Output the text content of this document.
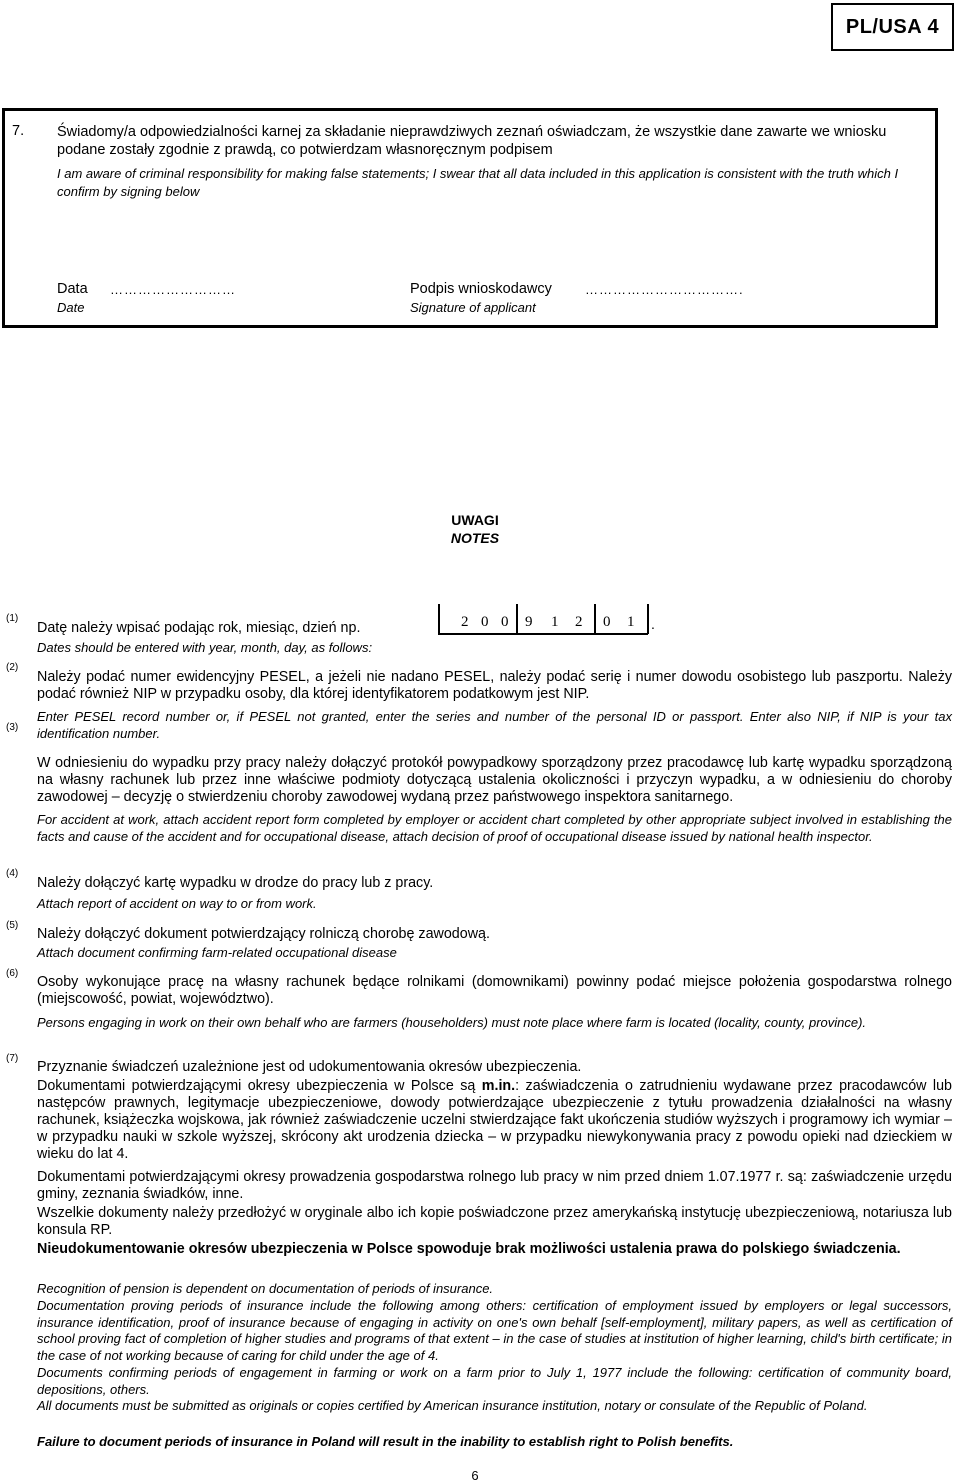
PL/USA 4
7. Świadomy/a odpowiedzialności karnej za składanie nieprawdziwych zeznań oświadczam, że wszystkie dane zawarte we wniosku podane zostały zgodnie z prawdą, co potwierdzam własnoręcznym podpisem
I am aware of criminal responsibility for making false statements; I swear that all data included in this application is consistent with the truth which I confirm by signing below
Data ………………………
Date
Podpis wnioskodawcy	…………………………….
Signature of applicant
UWAGI
NOTES
(1)
(2)
(3)
(4)
(5)
(6)
(7)
Datę należy wpisać podając rok, miesiąc, dzień np.	2 0 0 9 1 2 0 1 .
Dates should be entered with year, month, day, as follows:
Należy podać numer ewidencyjny PESEL, a jeżeli nie nadano PESEL, należy podać serię i numer dowodu osobistego lub paszportu. Należy podać również NIP w przypadku osoby, dla której identyfikatorem podatkowym jest NIP.
Enter PESEL record number or, if PESEL not granted, enter the series and number of the personal ID or passport. Enter also NIP, if NIP is your tax identification number.
W odniesieniu do wypadku przy pracy należy dołączyć protokół powypadkowy sporządzony przez pracodawcę lub kartę wypadku sporządzoną na własny rachunek lub przez inne właściwe podmioty dotyczącą ustalenia okoliczności i przyczyn wypadku, a w odniesieniu do choroby zawodowej – decyzję o stwierdzeniu choroby zawodowej wydaną przez państwowego inspektora sanitarnego.
For accident at work, attach accident report form completed by employer or accident chart completed by other appropriate subject involved in establishing the facts and cause of the accident and for occupational disease, attach decision of proof of occupational disease issued by national health inspector.
Należy dołączyć kartę wypadku w drodze do pracy lub z pracy.
Attach report of accident on way to or from work.
Należy dołączyć dokument potwierdzający rolniczą chorobę zawodową.
Attach document confirming farm-related occupational disease
Osoby wykonujące pracę na własny rachunek będące rolnikami (domownikami) powinny podać miejsce położenia gospodarstwa rolnego (miejscowość, powiat, województwo).
Persons engaging in work on their own behalf who are farmers (householders) must note place where farm is located (locality, county, province).
Przyznanie świadczeń uzależnione jest od udokumentowania okresów ubezpieczenia.
Dokumentami potwierdzającymi okresy ubezpieczenia w Polsce są m.in.: zaświadczenia o zatrudnieniu wydawane przez pracodawców lub następców prawnych, legitymacje ubezpieczeniowe, dowody potwierdzające ubezpieczenie z tytułu prowadzenia działalności na własny rachunek, książeczka wojskowa, jak również zaświadczenie uczelni stwierdzające fakt ukończenia studiów wyższych i programowy ich wymiar – w przypadku nauki w szkole wyższej, skrócony akt urodzenia dziecka – w przypadku niewykonywania pracy z powodu opieki nad dzieckiem w wieku do lat 4.
Dokumentami potwierdzającymi okresy prowadzenia gospodarstwa rolnego lub pracy w nim przed dniem 1.07.1977 r. są: zaświadczenie urzędu gminy, zeznania świadków, inne.
Wszelkie dokumenty należy przedłożyć w oryginale albo ich kopie poświadczone przez amerykańską instytucję ubezpieczeniową, notariusza lub konsula RP.
Nieudokumentowanie okresów ubezpieczenia w Polsce spowoduje brak możliwości ustalenia prawa do polskiego świadczenia.
Recognition of pension is dependent on documentation of periods of insurance.
Documentation proving periods of insurance include the following among others: certification of employment issued by employers or legal successors, insurance identification, proof of insurance because of engaging in activity on one's own behalf [self-employment], military papers, as well as certification of school proving fact of completion of higher studies and programs of that extent – in the case of studies at institution of higher learning, child's birth certificate; in the case of not working because of caring for child under the age of 4.
Documents confirming periods of engagement in farming or work on a farm prior to July 1, 1977 include the following: certification of community board, depositions, others.
All documents must be submitted as originals or copies certified by American insurance institution, notary or consulate of the Republic of Poland.
Failure to document periods of insurance in Poland will result in the inability to establish right to Polish benefits.
6
